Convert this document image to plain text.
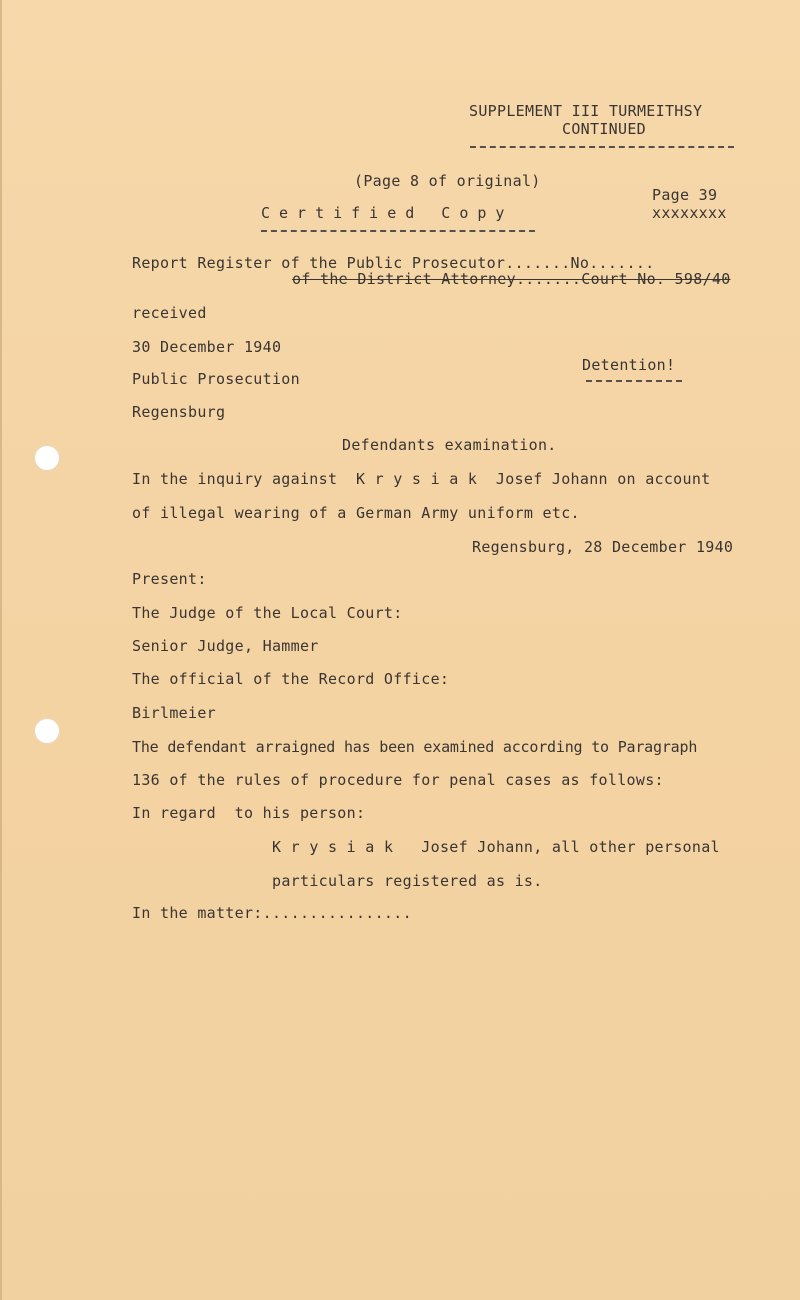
SUPPLEMENT III TURMEITHSY
CONTINUED
(Page 8 of original)
Page 39
xxxxxxxx
Certified Copy
Report Register of the Public Prosecutor.......No.......
of the District Attorney.......Court No. 598/40
received
30 December 1940
Public Prosecution
Regensburg
Detention!
Defendants examination.
In the inquiry against  K r y s i a k  Josef Johann on account
of illegal wearing of a German Army uniform etc.
Regensburg, 28 December 1940
Present:
The Judge of the Local Court:
Senior Judge, Hammer
The official of the Record Office:
Birlmeier
The defendant arraigned has been examined according to Paragraph
136 of the rules of procedure for penal cases as follows:
In regard  to his person:
K r y s i a k   Josef Johann, all other personal
particulars registered as is.
In the matter:................
